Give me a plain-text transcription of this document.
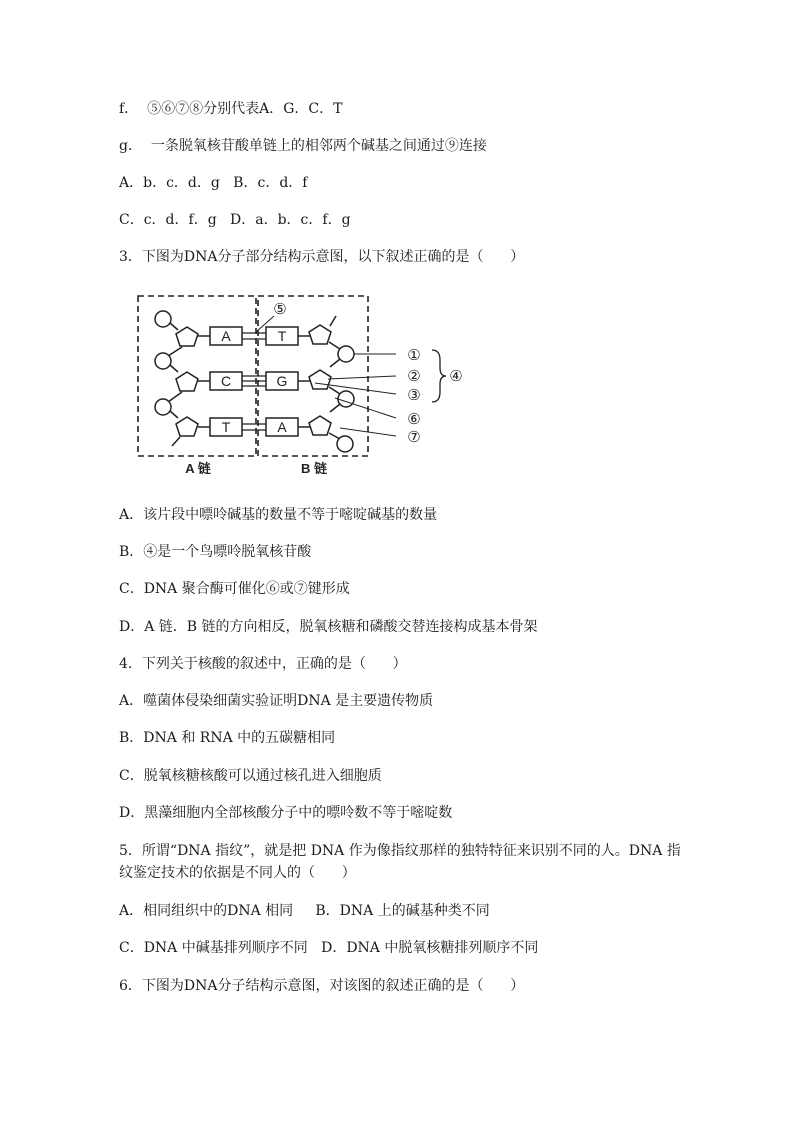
f．  ⑤⑥⑦⑧分别代表A．G．C．T
g．  一条脱氧核苷酸单链上的相邻两个碱基之间通过⑨连接
A．b．c．d．g   B．c．d．f
C．c．d．f．g   D．a．b．c．f．g
3．下图为DNA分子部分结构示意图，以下叙述正确的是（      ）
A
C
T
T
G
A
⑤
①
②
③
⑥
⑦
④
A 链	B 链
A．该片段中嘌呤碱基的数量不等于嘧啶碱基的数量
B．④是一个鸟嘌呤脱氧核苷酸
C．DNA 聚合酶可催化⑥或⑦键形成
D．A 链．B 链的方向相反，脱氧核糖和磷酸交替连接构成基本骨架
4．下列关于核酸的叙述中，正确的是（      ）
A．噬菌体侵染细菌实验证明DNA 是主要遗传物质
B．DNA 和 RNA 中的五碳糖相同
C．脱氧核糖核酸可以通过核孔进入细胞质
D．黑藻细胞内全部核酸分子中的嘌呤数不等于嘧啶数
5．所谓“DNA 指纹”，就是把 DNA 作为像指纹那样的独特特征来识别不同的人。DNA 指
纹鉴定技术的依据是不同人的（      ）
A．相同组织中的DNA 相同     B．DNA 上的碱基种类不同
C．DNA 中碱基排列顺序不同   D．DNA 中脱氧核糖排列顺序不同
6．下图为DNA分子结构示意图，对该图的叙述正确的是（      ）
